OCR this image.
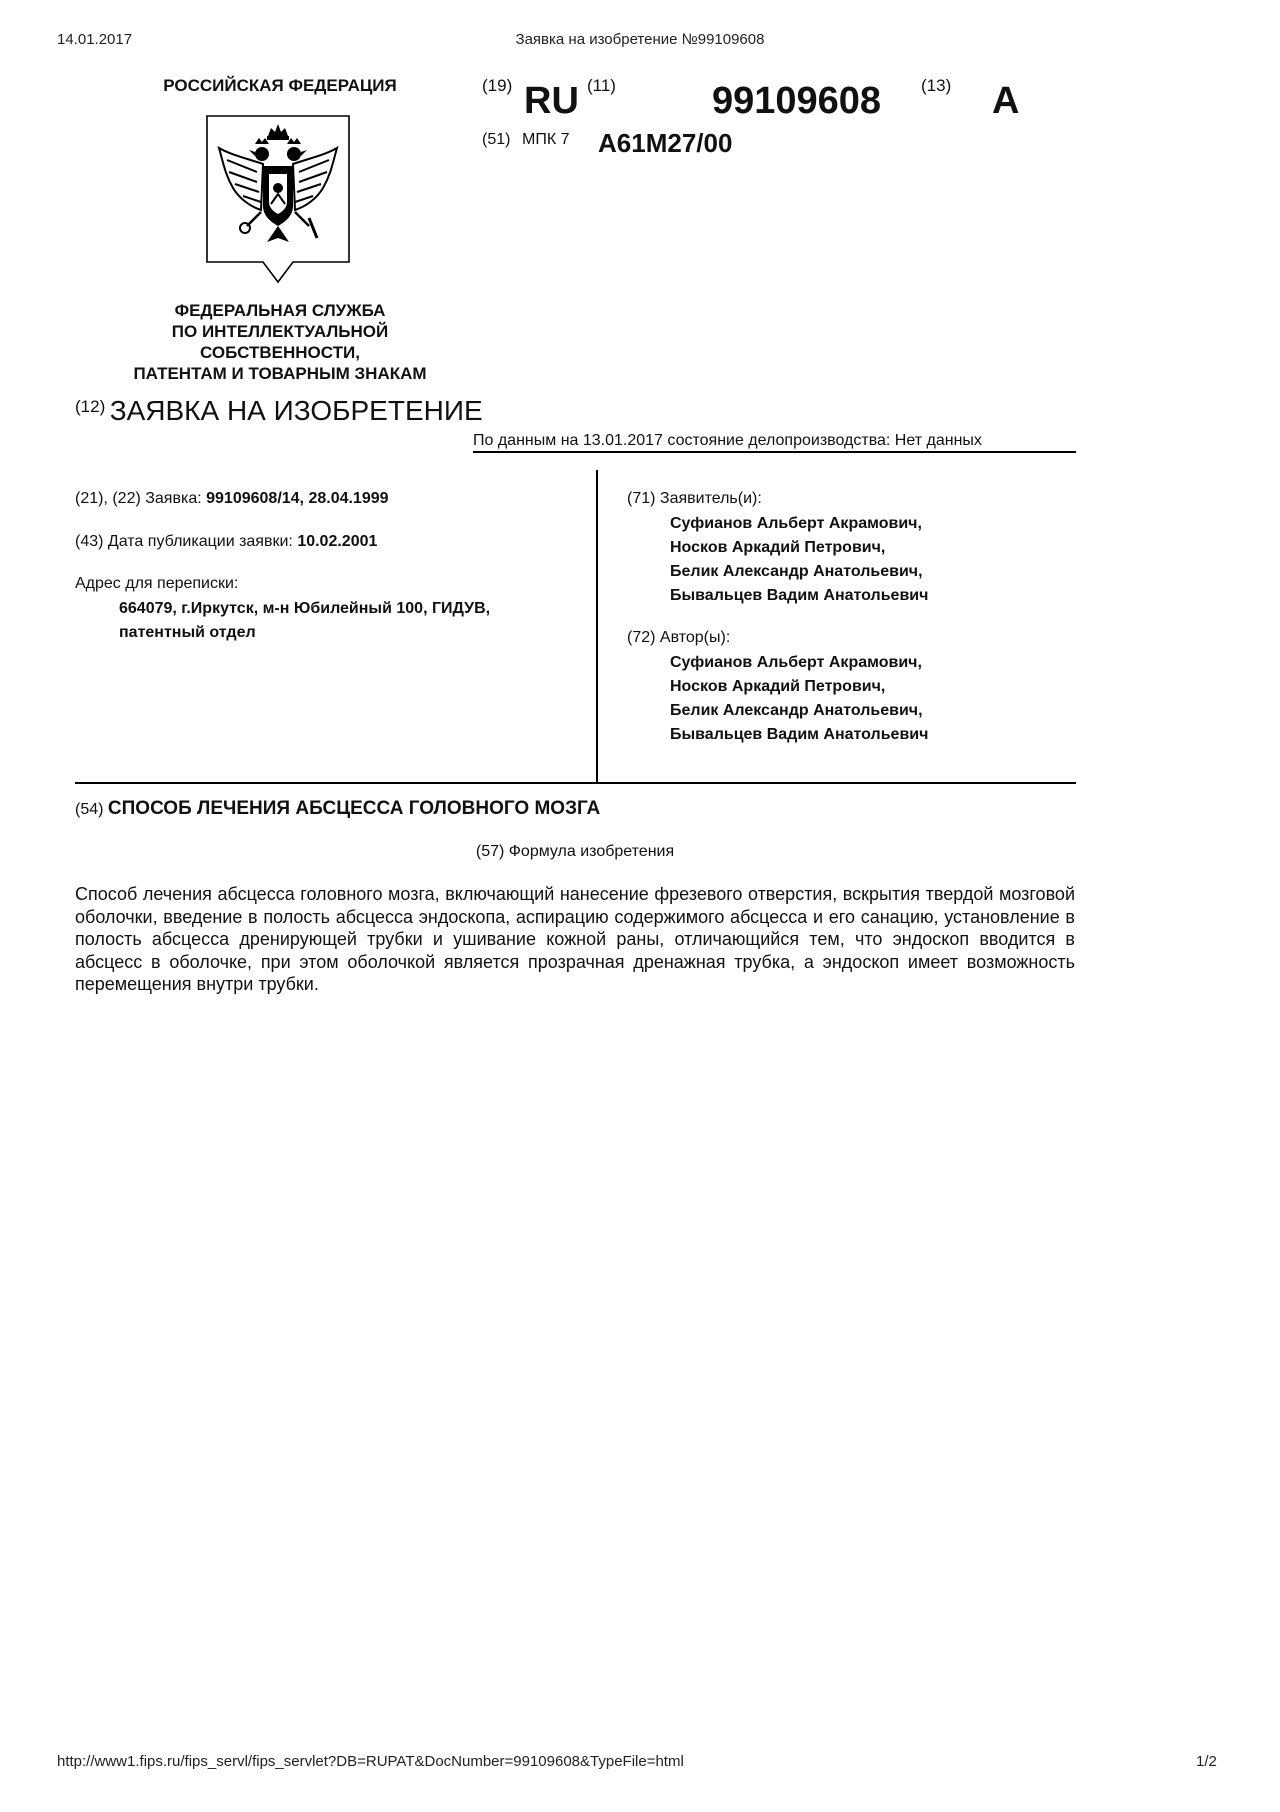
14.01.2017	Заявка на изобретение №99109608
РОССИЙСКАЯ ФЕДЕРАЦИЯ
ФЕДЕРАЛЬНАЯ СЛУЖБА
ПО ИНТЕЛЛЕКТУАЛЬНОЙ
СОБСТВЕННОСТИ,
ПАТЕНТАМ И ТОВАРНЫМ ЗНАКАМ
(19) RU (11)	99109608 (13) A
(51) МПК 7 A61M27/00
(12) ЗАЯВКА НА ИЗОБРЕТЕНИЕ
По данным на 13.01.2017 состояние делопроизводства: Нет данных
(21), (22) Заявка: 99109608/14, 28.04.1999
(43) Дата публикации заявки: 10.02.2001
Адрес для переписки:
664079, г.Иркутск, м-н Юбилейный 100, ГИДУВ,
патентный отдел
(71) Заявитель(и):
Суфианов Альберт Акрамович,
Носков Аркадий Петрович,
Белик Александр Анатольевич,
Бывальцев Вадим Анатольевич
(72) Автор(ы):
Суфианов Альберт Акрамович,
Носков Аркадий Петрович,
Белик Александр Анатольевич,
Бывальцев Вадим Анатольевич
(54) СПОСОБ ЛЕЧЕНИЯ АБСЦЕССА ГОЛОВНОГО МОЗГА
(57) Формула изобретения
Способ лечения абсцесса головного мозга, включающий нанесение фрезевого отверстия, вскрытия твердой мозговой оболочки, введение в полость абсцесса эндоскопа, аспирацию содержимого абсцесса и его санацию, установление в полость абсцесса дренирующей трубки и ушивание кожной раны, отличающийся тем, что эндоскоп вводится в абсцесс в оболочке, при этом оболочкой является прозрачная дренажная трубка, а эндоскоп имеет возможность перемещения внутри трубки.
http://www1.fips.ru/fips_servl/fips_servlet?DB=RUPAT&DocNumber=99109608&TypeFile=html	1/2
